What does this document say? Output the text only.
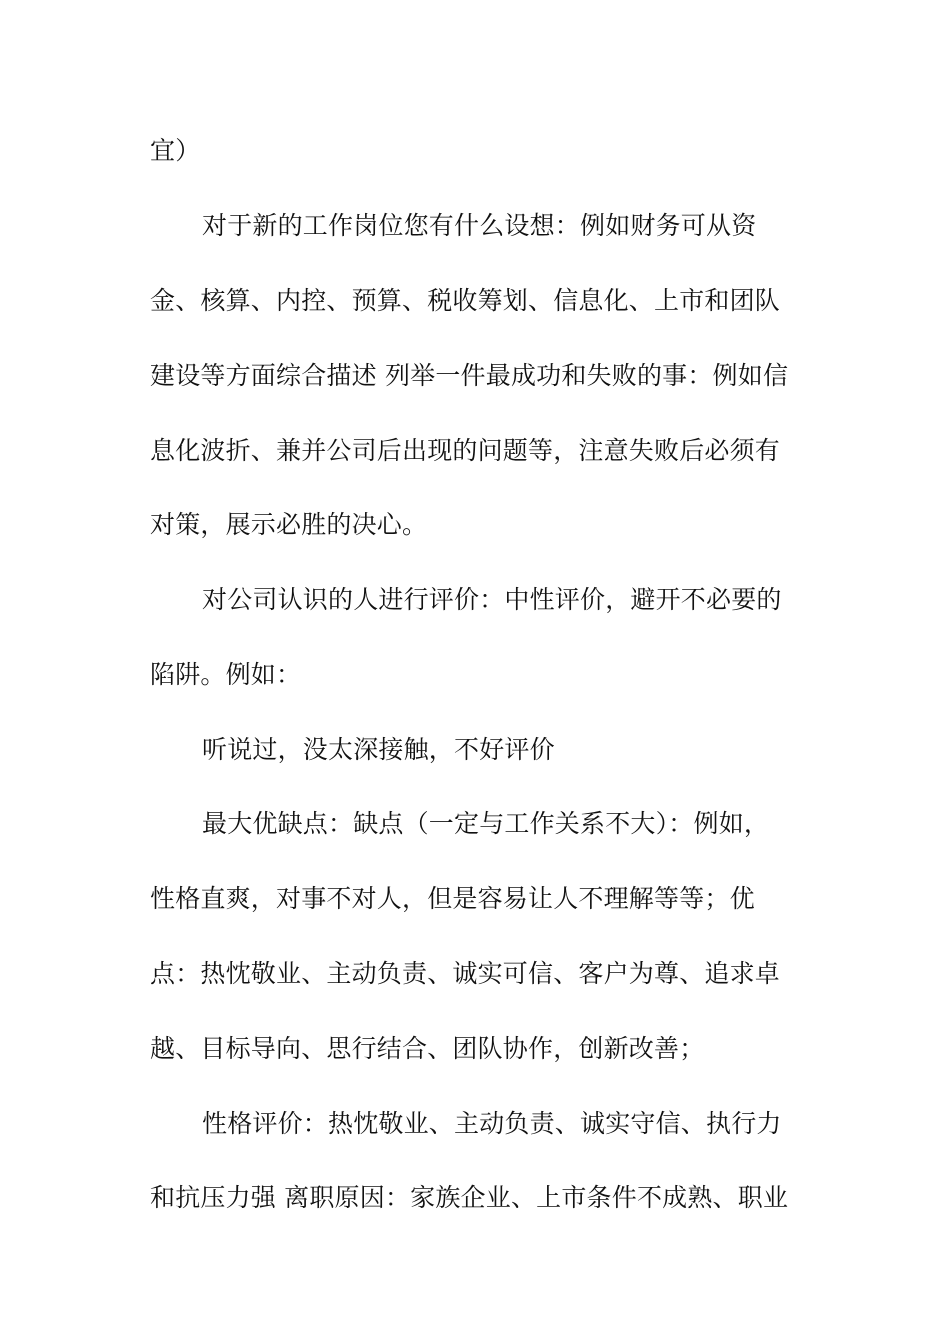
宜）
对于新的工作岗位您有什么设想：例如财务可从资
金、核算、内控、预算、税收筹划、信息化、上市和团队
建设等方面综合描述 列举一件最成功和失败的事：例如信
息化波折、兼并公司后出现的问题等，注意失败后必须有
对策，展示必胜的决心。
对公司认识的人进行评价：中性评价，避开不必要的
陷阱。例如：
听说过，没太深接触，不好评价
最大优缺点：缺点（一定与工作关系不大）：例如，
性格直爽，对事不对人，但是容易让人不理解等等；优
点：热忱敬业、主动负责、诚实可信、客户为尊、追求卓
越、目标导向、思行结合、团队协作，创新改善；
性格评价：热忱敬业、主动负责、诚实守信、执行力
和抗压力强 离职原因：家族企业、上市条件不成熟、职业
